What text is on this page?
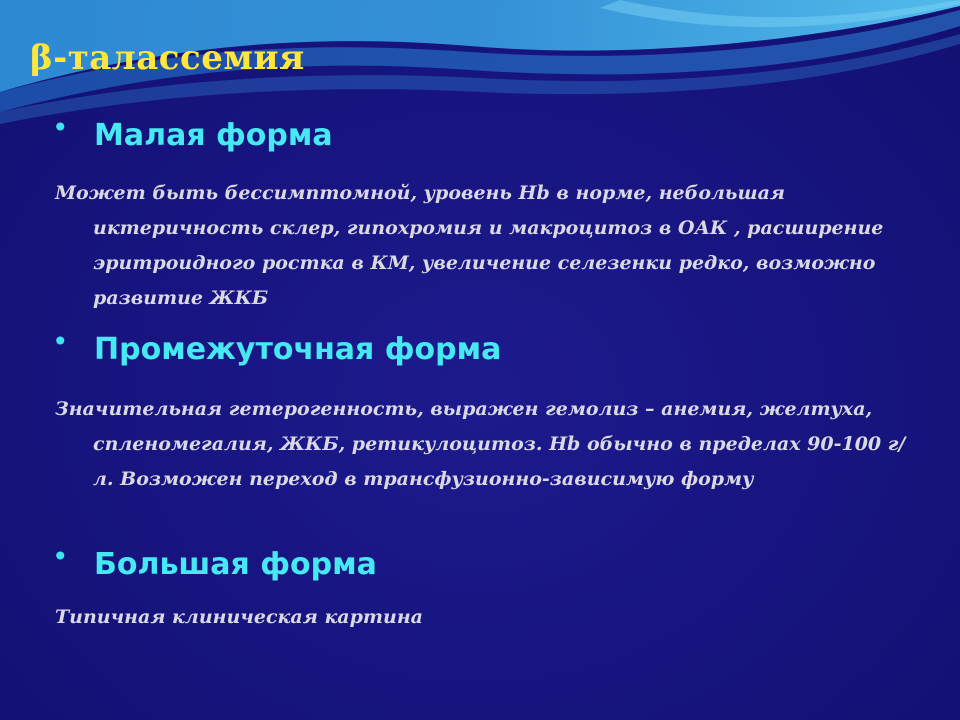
β-талассемия
• Малая форма

Может быть бессимптомной, уровень Hb в норме, небольшая иктеричность склер, гипохромия и макроцитоз в ОАК , расширение эритроидного ростка в КМ, увеличение селезенки редко, возможно развитие ЖКБ

• Промежуточная форма

Значительная гетерогенность, выражен гемолиз – анемия, желтуха, спленомегалия, ЖКБ, ретикулоцитоз. Hb обычно в пределах 90-100 г/л. Возможен переход в трансфузионно-зависимую форму

• Большая форма

Типичная клиническая картина
